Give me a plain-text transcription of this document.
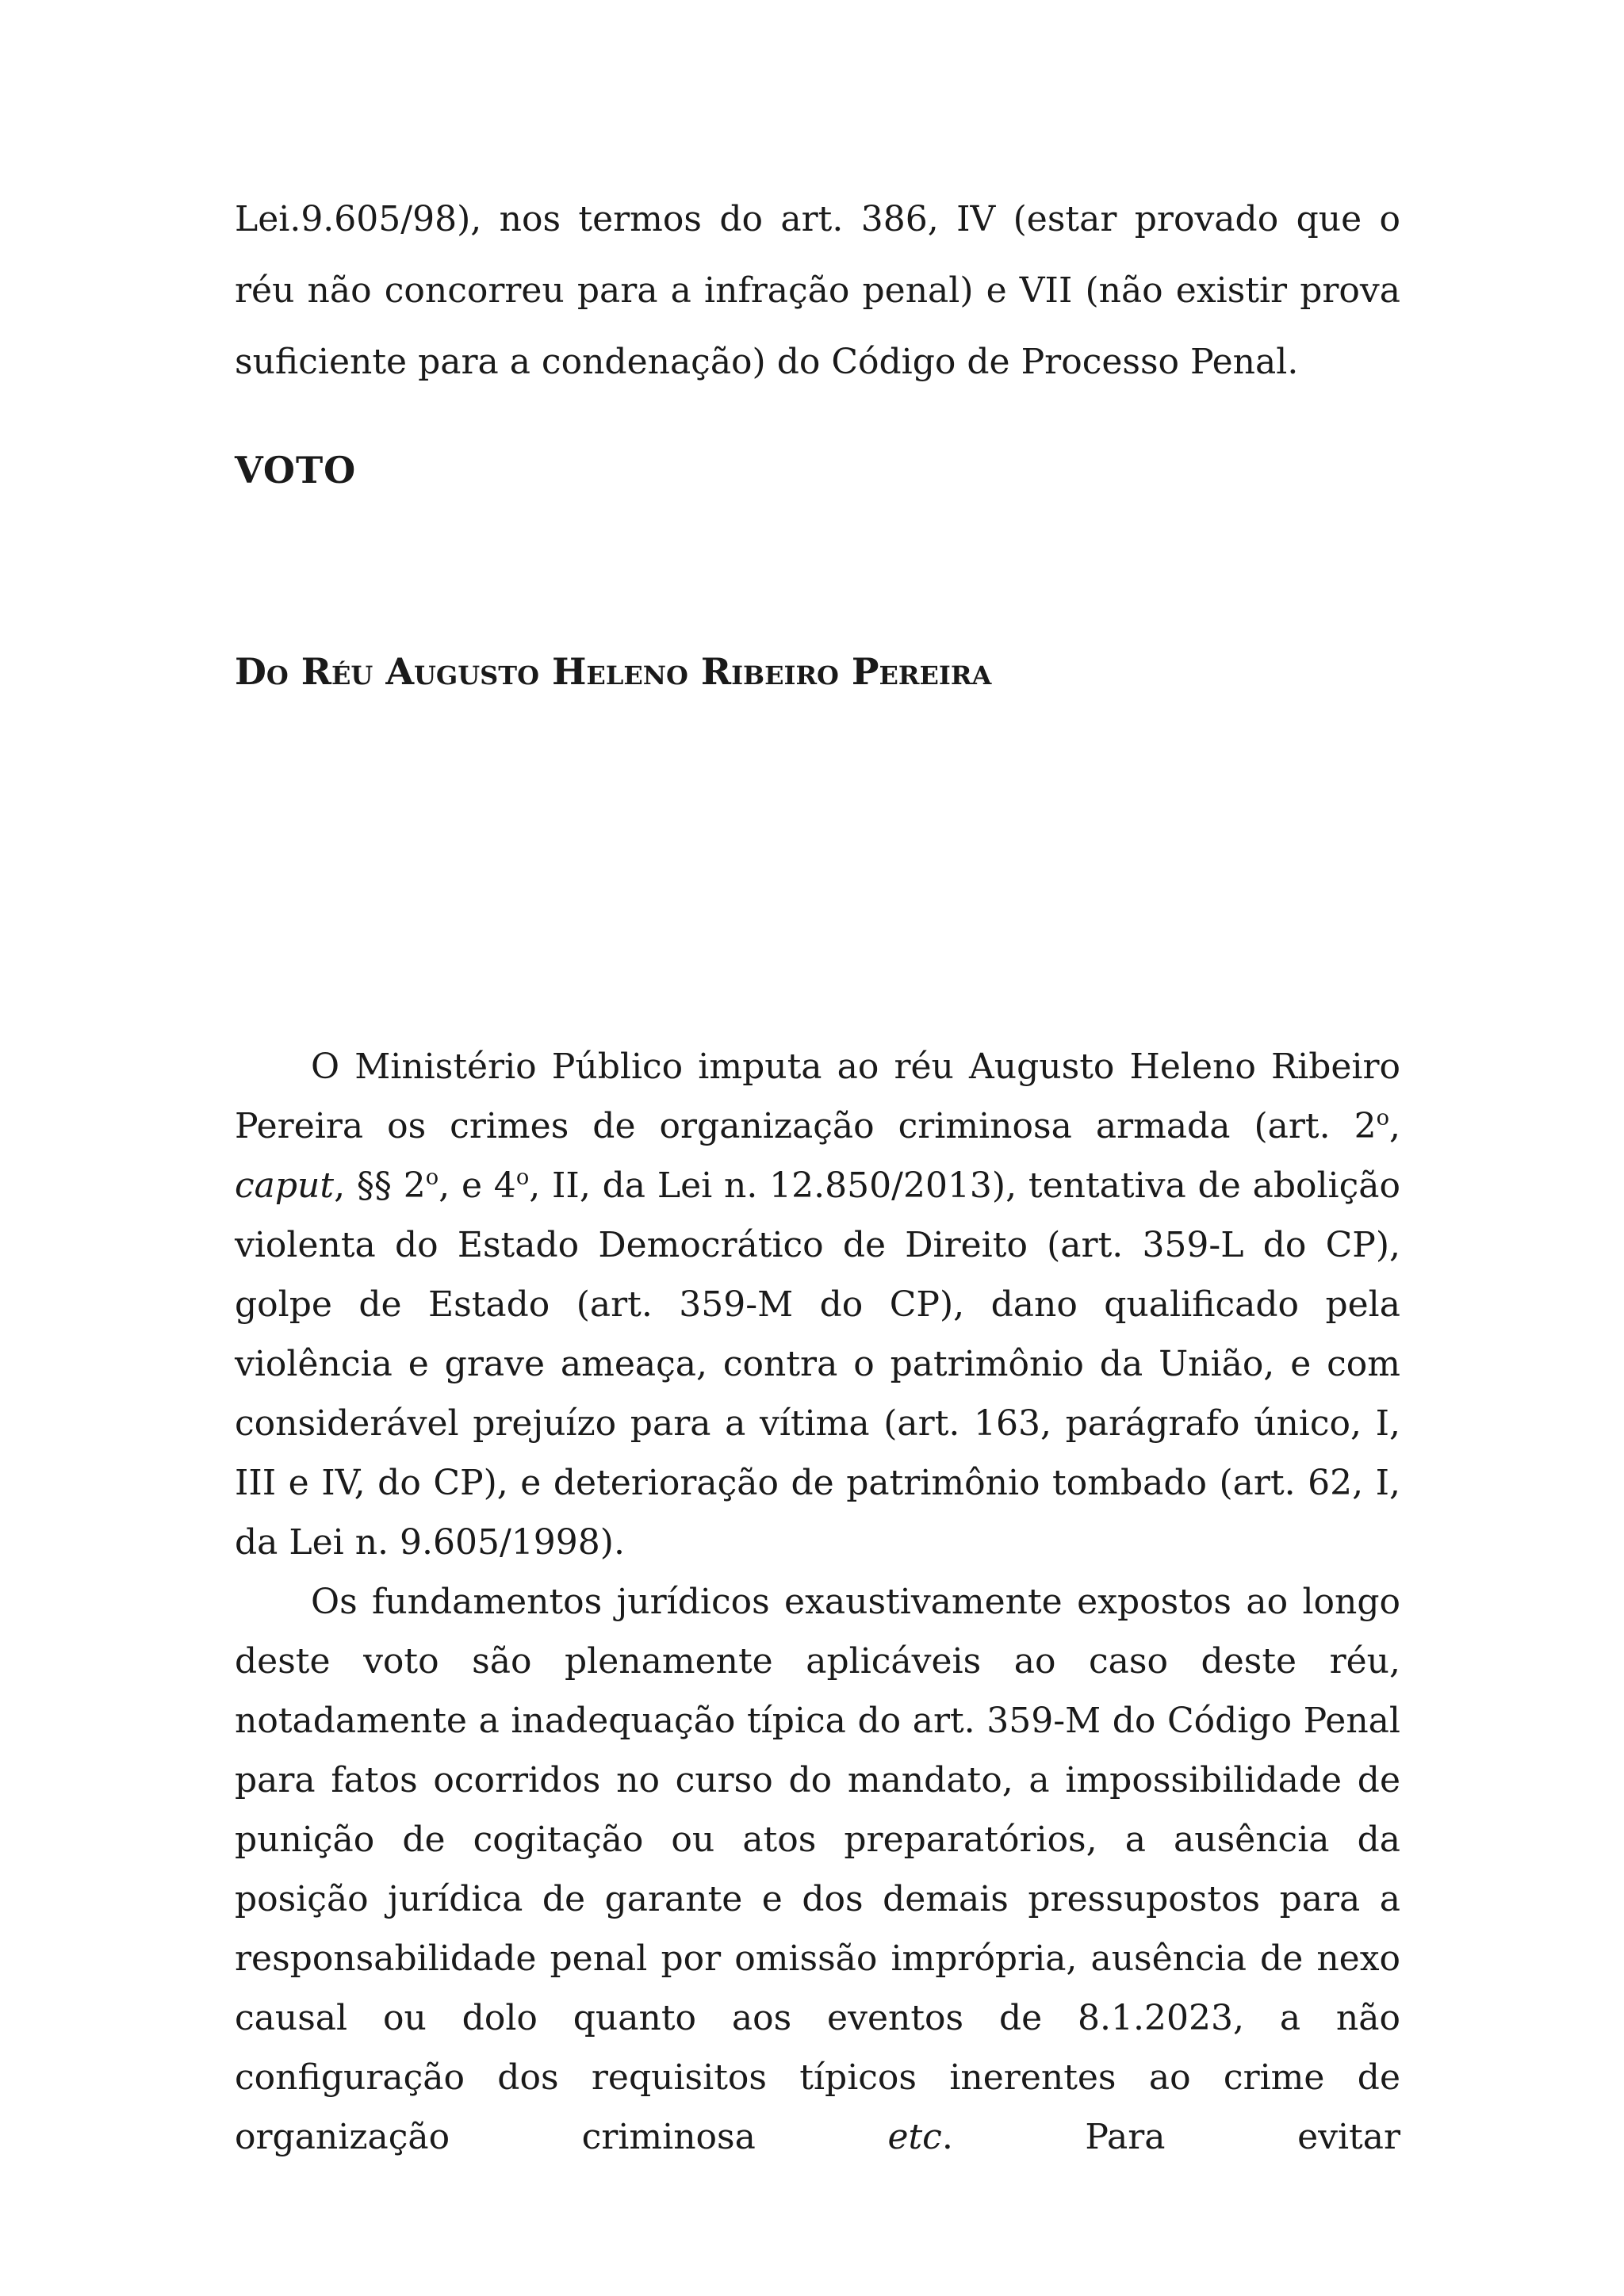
Lei.9.605/98), nos termos do art. 386, IV (estar provado que o réu não concorreu para a infração penal) e VII (não existir prova suficiente para a condenação) do Código de Processo Penal.

VOTO
Do Réu Augusto Heleno Ribeiro Pereira

O Ministério Público imputa ao réu Augusto Heleno Ribeiro Pereira os crimes de organização criminosa armada (art. 2$^o$, caput, §§ 2$^o$, e 4$^o$, II, da Lei n. 12.850/2013), tentativa de abolição violenta do Estado Democrático de Direito (art. 359-L do CP), golpe de Estado (art. 359-M do CP), dano qualificado pela violência e grave ameaça, contra o patrimônio da União, e com considerável prejuízo para a vítima (art. 163, parágrafo único, I, III e IV, do CP), e deterioração de patrimônio tombado (art. 62, I, da Lei n. 9.605/1998).

Os fundamentos jurídicos exaustivamente expostos ao longo deste voto são plenamente aplicáveis ao caso deste réu, notadamente a inadequação típica do art. 359-M do Código Penal para fatos ocorridos no curso do mandato, a impossibilidade de punição de cogitação ou atos preparatórios, a ausência da posição jurídica de garante e dos demais pressupostos para a responsabilidade penal por omissão imprópria, ausência de nexo causal ou dolo quanto aos eventos de 8.1.2023, a não configuração dos requisitos típicos inerentes ao crime de organização criminosa etc. Para evitar
